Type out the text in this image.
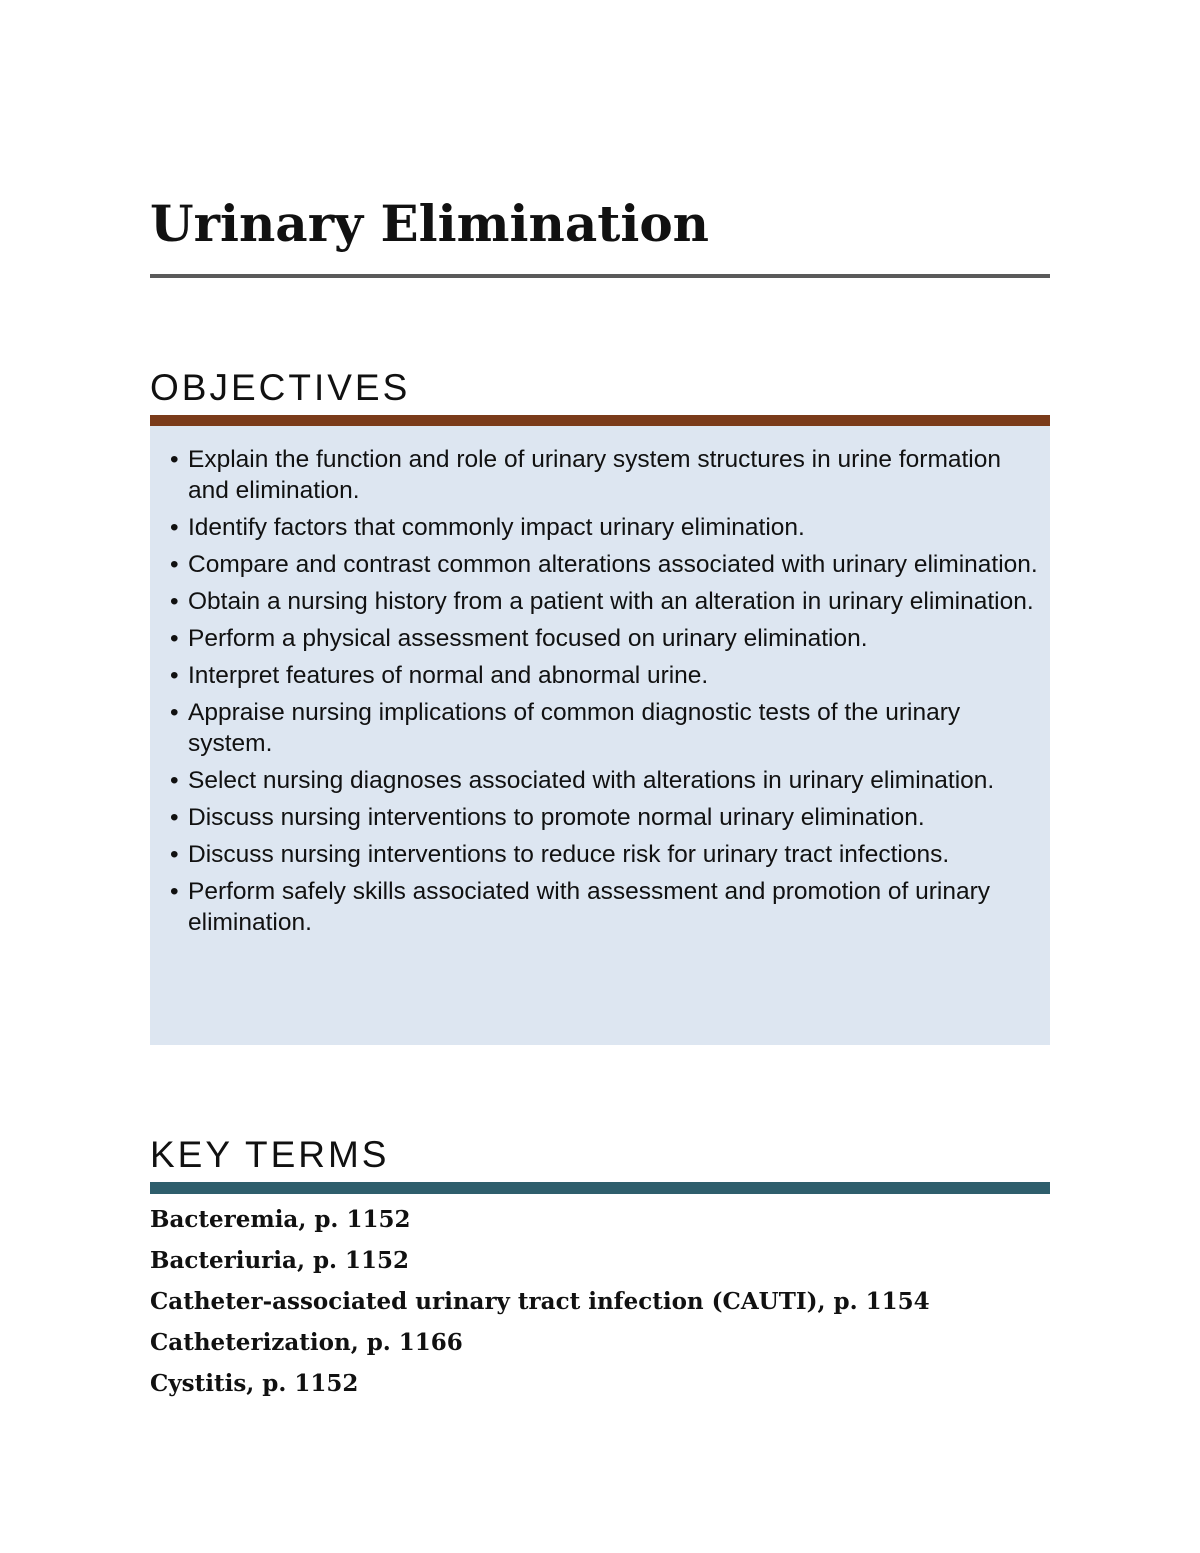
Urinary Elimination
OBJECTIVES
• Explain the function and role of urinary system structures in urine formation and elimination.
• Identify factors that commonly impact urinary elimination.
• Compare and contrast common alterations associated with urinary elimination.
• Obtain a nursing history from a patient with an alteration in urinary elimination.
• Perform a physical assessment focused on urinary elimination.
• Interpret features of normal and abnormal urine.
• Appraise nursing implications of common diagnostic tests of the urinary system.
• Select nursing diagnoses associated with alterations in urinary elimination.
• Discuss nursing interventions to promote normal urinary elimination.
• Discuss nursing interventions to reduce risk for urinary tract infections.
• Perform safely skills associated with assessment and promotion of urinary elimination.
KEY TERMS
Bacteremia, p. 1152
Bacteriuria, p. 1152
Catheter-associated urinary tract infection (CAUTI), p. 1154
Catheterization, p. 1166
Cystitis, p. 1152
